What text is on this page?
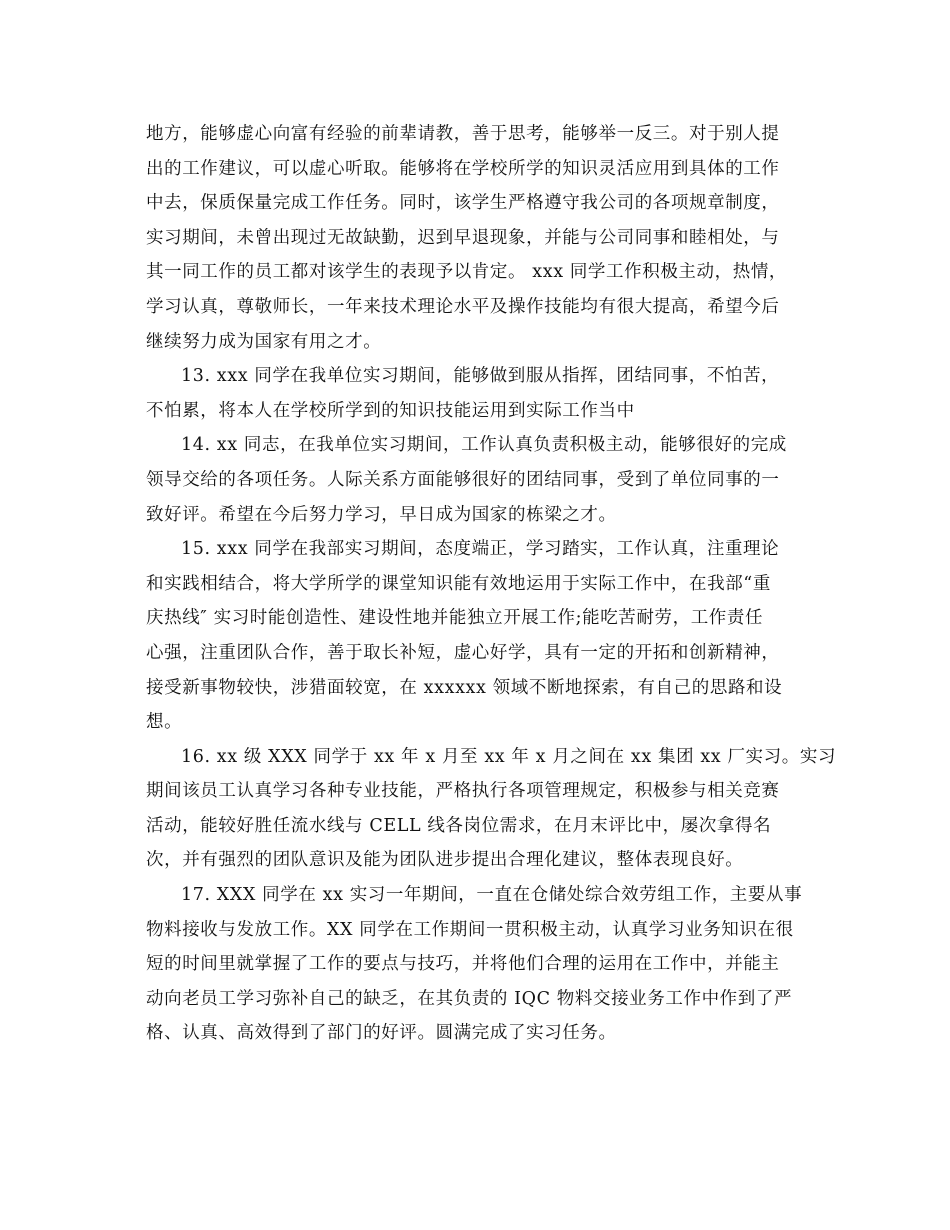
地方，能够虚心向富有经验的前辈请教，善于思考，能够举一反三。对于别人提
出的工作建议，可以虚心听取。能够将在学校所学的知识灵活应用到具体的工作
中去，保质保量完成工作任务。同时，该学生严格遵守我公司的各项规章制度，
实习期间，未曾出现过无故缺勤，迟到早退现象，并能与公司同事和睦相处，与
其一同工作的员工都对该学生的表现予以肯定。 xxx 同学工作积极主动，热情，
学习认真，尊敬师长，一年来技术理论水平及操作技能均有很大提高，希望今后
继续努力成为国家有用之才。

13. xxx 同学在我单位实习期间，能够做到服从指挥，团结同事，不怕苦，
不怕累，将本人在学校所学到的知识技能运用到实际工作当中

14. xx 同志，在我单位实习期间，工作认真负责积极主动，能够很好的完成
领导交给的各项任务。人际关系方面能够很好的团结同事，受到了单位同事的一
致好评。希望在今后努力学习，早日成为国家的栋梁之才。

15. xxx 同学在我部实习期间，态度端正，学习踏实，工作认真，注重理论
和实践相结合，将大学所学的课堂知识能有效地运用于实际工作中，在我部“重
庆热线″ 实习时能创造性、建设性地并能独立开展工作;能吃苦耐劳，工作责任
心强，注重团队合作，善于取长补短，虚心好学，具有一定的开拓和创新精神，
接受新事物较快，涉猎面较宽，在 xxxxxx 领域不断地探索，有自己的思路和设
想。

16. xx 级 XXX 同学于 xx 年 x 月至 xx 年 x 月之间在 xx 集团 xx 厂实习。实习
期间该员工认真学习各种专业技能，严格执行各项管理规定，积极参与相关竞赛
活动，能较好胜任流水线与 CELL 线各岗位需求，在月末评比中，屡次拿得名
次，并有强烈的团队意识及能为团队进步提出合理化建议，整体表现良好。

17. XXX 同学在 xx 实习一年期间，一直在仓储处综合效劳组工作，主要从事
物料接收与发放工作。XX 同学在工作期间一贯积极主动，认真学习业务知识在很
短的时间里就掌握了工作的要点与技巧，并将他们合理的运用在工作中，并能主
动向老员工学习弥补自己的缺乏，在其负责的 IQC 物料交接业务工作中作到了严
格、认真、高效得到了部门的好评。圆满完成了实习任务。
